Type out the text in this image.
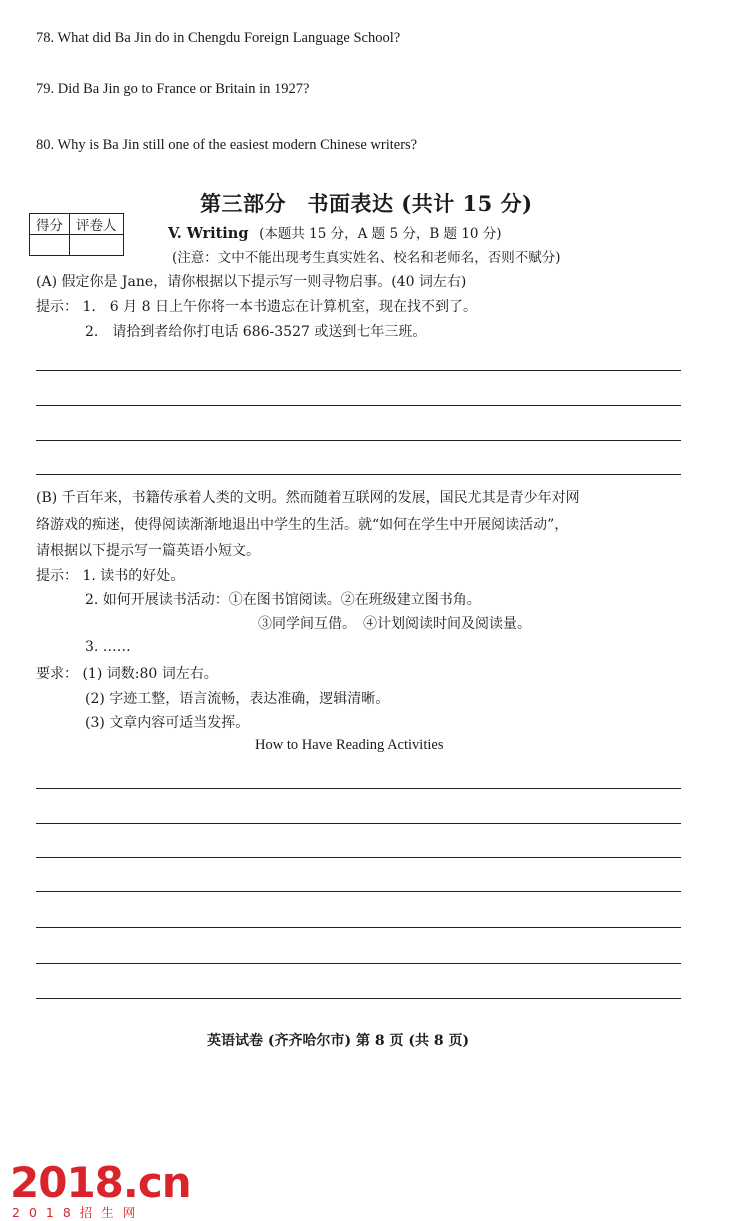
78. What did Ba Jin do in Chengdu Foreign Language School?
79. Did Ba Jin go to France or Britain in 1927?
80. Why is Ba Jin still one of the easiest modern Chinese writers?
第三部分　书面表达 (共计 15 分)
得分	评卷人
		V. Writing (本题共 15 分，A 题 5 分，B 题 10 分)
(注意：文中不能出现考生真实姓名、校名和老师名，否则不赋分)
(A) 假定你是 Jane，请你根据以下提示写一则寻物启事。(40 词左右)
提示： 1.　6 月 8 日上午你将一本书遗忘在计算机室，现在找不到了。
2.　请拾到者给你打电话 686-3527 或送到七年三班。
(B) 千百年来，书籍传承着人类的文明。然而随着互联网的发展，国民尤其是青少年对网
络游戏的痴迷，使得阅读渐渐地退出中学生的生活。就“如何在学生中开展阅读活动”，
请根据以下提示写一篇英语小短文。
提示： 1. 读书的好处。
2. 如何开展读书活动：①在图书馆阅读。②在班级建立图书角。
③同学间互借。　④计划阅读时间及阅读量。
3. ……
要求： (1) 词数:80 词左右。
(2) 字迹工整，语言流畅，表达准确，逻辑清晰。
(3) 文章内容可适当发挥。
How to Have Reading Activities
英语试卷 (齐齐哈尔市) 第 8 页 (共 8 页)
2018.cn
2018招生网
